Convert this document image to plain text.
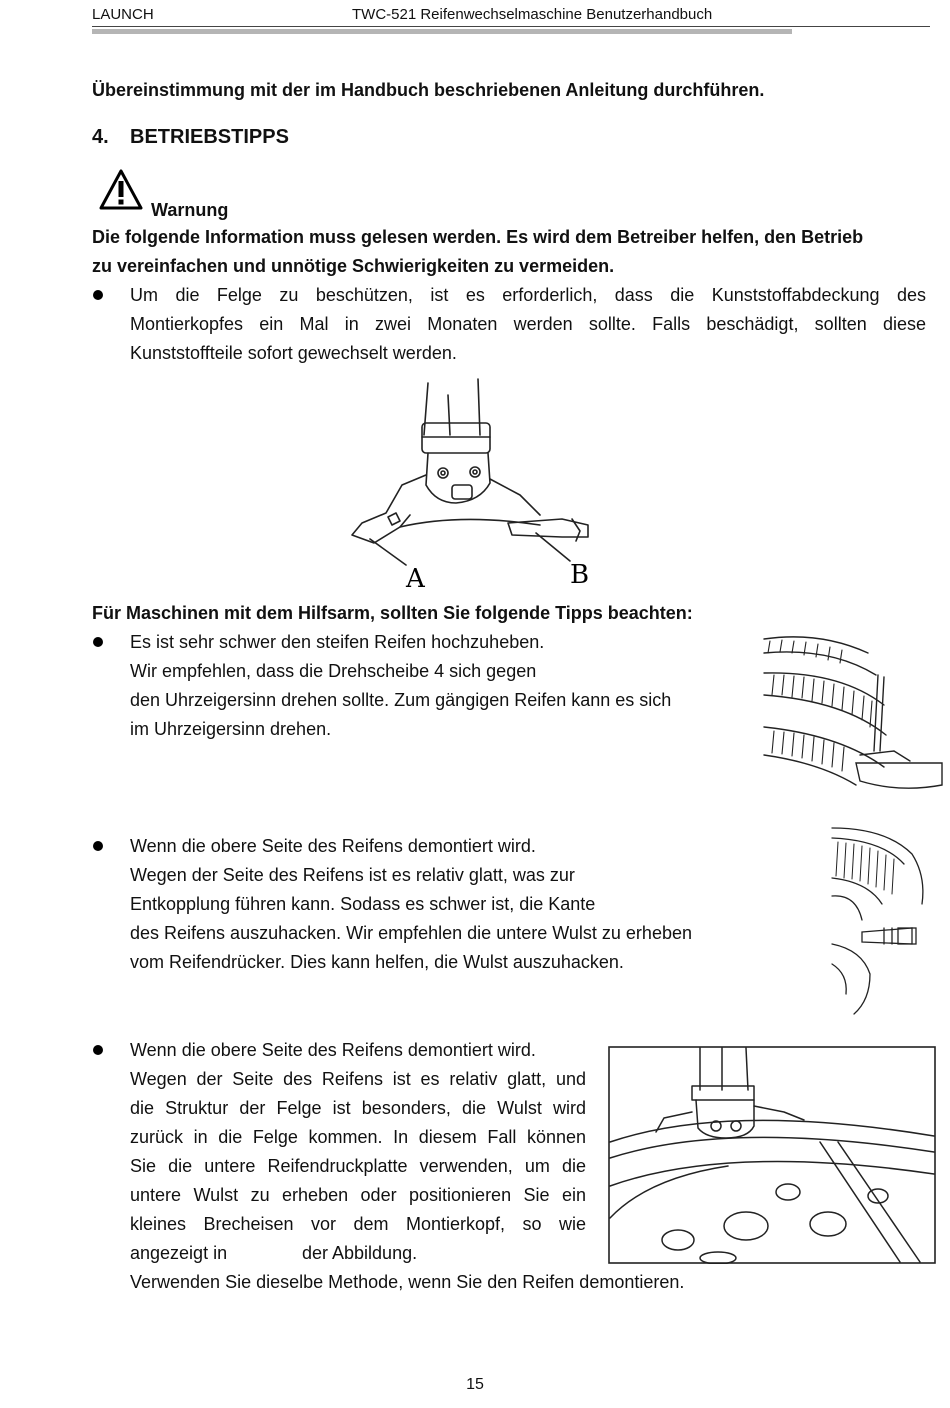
LAUNCH	TWC-521 Reifenwechselmaschine Benutzerhandbuch
Übereinstimmung mit der im Handbuch beschriebenen Anleitung durchführen.
4. BETRIEBSTIPPS
Warnung
Die folgende Information muss gelesen werden. Es wird dem Betreiber helfen, den Betrieb
zu vereinfachen und unnötige Schwierigkeiten zu vermeiden.
Um die Felge zu beschützen, ist es erforderlich, dass die Kunststoffabdeckung des
Montierkopfes ein Mal in zwei Monaten werden sollte. Falls beschädigt, sollten diese
Kunststoffteile sofort gewechselt werden.
A	B
Für Maschinen mit dem Hilfsarm, sollten Sie folgende Tipps beachten:
Es ist sehr schwer den steifen Reifen hochzuheben.
Wir empfehlen, dass die Drehscheibe 4 sich gegen
den Uhrzeigersinn drehen sollte. Zum gängigen Reifen kann es sich
im Uhrzeigersinn drehen.
Wenn die obere Seite des Reifens demontiert wird.
Wegen der Seite des Reifens ist es relativ glatt, was zur
Entkopplung führen kann. Sodass es schwer ist, die Kante
des Reifens auszuhacken. Wir empfehlen die untere Wulst zu erheben
vom Reifendrücker. Dies kann helfen, die Wulst auszuhacken.
Wenn die obere Seite des Reifens demontiert wird.
Wegen der Seite des Reifens ist es relativ glatt, und
die Struktur der Felge ist besonders, die Wulst wird
zurück in die Felge kommen. In diesem Fall können
Sie die untere Reifendruckplatte verwenden, um die
untere Wulst zu erheben oder positionieren Sie ein
kleines Brecheisen vor dem Montierkopf, so wie
angezeigt in	der Abbildung.
Verwenden Sie dieselbe Methode, wenn Sie den Reifen demontieren.
15
